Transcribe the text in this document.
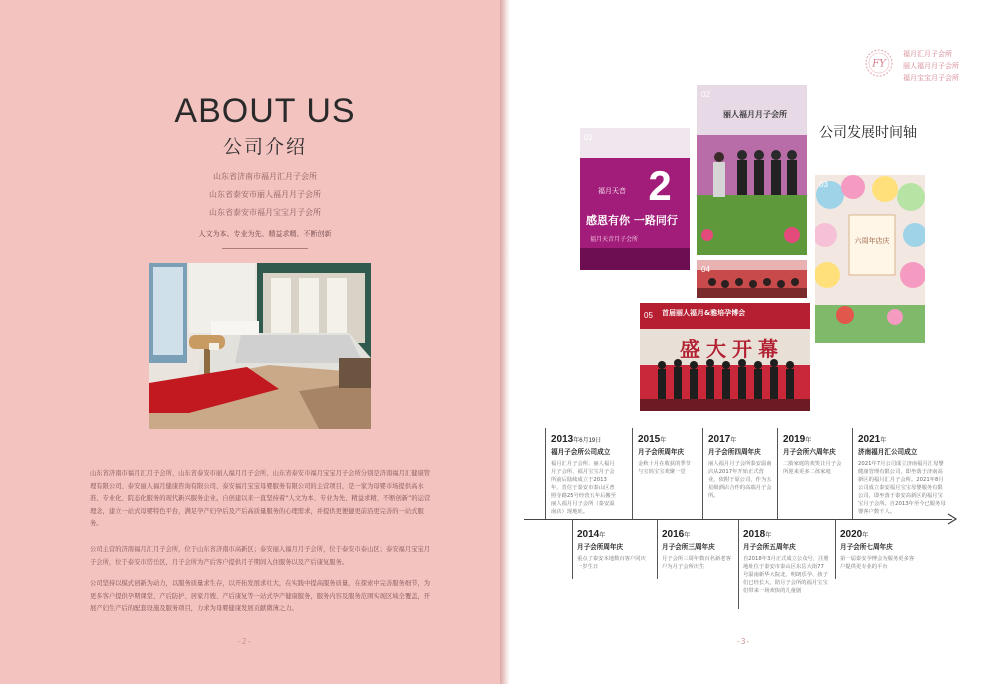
ABOUT US
公司介绍
山东省济南市福月汇月子会所
山东省泰安市丽人福月月子会所
山东省泰安市福月宝宝月子会所
人文为本、专业为先、精益求精、不断创新

山东省济南市福月汇月子会所、山东省泰安市丽人福月月子会所、山东省泰安市福月宝宝月子会所分别是济南福月汇健康管理有限公司、泰安丽人福月健康咨询有限公司、泰安福月宝宝母婴服务有限公司的主营项目，是一家为母婴市场提供高水准、专业化、院态化服务的现代新兴服务企业。自创建以来一直坚持着“人文为本、专业为先、精益求精、不断创新”的运营理念，建立一站式母婴特色平台，满足孕产妇孕后及产后高质量服务的心理需求，并提供更便捷更前沿更完善的一站式服务。

公司主营的济南福月汇月子会所，位于山东省济南市高新区；泰安丽人福月月子会所，位于泰安市泰山区；泰安福月宝宝月子会所，位于泰安市岱岳区，月子会所为产后客户提供月子期间入住服务以及产后康复服务。

公司坚持以模式创新为动力，以服务质量求生存，以开拓发展求壮大，在实践中提高服务质量，在探索中完善服务细节，为更多客户提供孕期课堂、产后防护、居家月嫂、产后康复等一站式孕产健康服务，服务内容及服务范围实现区域全覆盖，开展产妇生产后的配套设施及服务项目，力求为母婴健康发展贡献微薄之力。

-2-
FY
福月汇月子会所
丽人福月月子会所
福月宝宝月子会所
公司发展时间轴
2
01
福月天音
感恩有你 一路同行
福月天音月子会所
02
丽人福月月子会所
03
六周年店庆
04
05 首届丽人福月&雅培孕博会
盛大开幕
2013年6月19日
福月子会所公司成立
福月汇月子会所、丽人福月月子会所、福月宝宝月子会所前后陆续成立于2013年，晋位于泰安市泰山区普照寺路25号经营五年后搬至丽人福月月子会所（泰安温南店）现地址。
2015年
月子会所周年庆
金秋十月在收获的季节与宝妈宝宝欢聚一堂
2017年
月子会所四周年庆
丽人福月月子会所泰安温南店从2017年开始正式营业，依附于原公司，作为五星级酒店合作的高端月子会所。
2019年
月子会所六周年庆
二胎家庭的欢笑让月子会所迎来更多二孩家庭
2021年
济南福月汇公司成立
2021年7月公司成立济南福月汇母婴健康管理有限公司，即坐落于济南高新区的福月汇月子会所。2021年8月公司成立泰安福月宝宝母婴服务有限公司，即坐落于泰安高新区的福月宝宝月子会所。自2013年至今已服务母婴客户数千人。
2014年
月子会所周年庆
重点了泰安本地数百客户同庆一岁生日
2016年
月子会所三周年庆
月子会所三周年数百名新老客户为月子会所庆生
2018年
月子会所五周年庆
自2018年3月正式成立公众号，注册地址位于泰安市泰山区东岳大街77号温南新华大院北，明朗乐孕、孩子们已经长大，陪月子会所的福月宝宝们带来一场欢快的儿童剧
2020年
月子会所七周年庆
第一届泰安孕博会为服务更多客户提供更专业的平台
-3-
